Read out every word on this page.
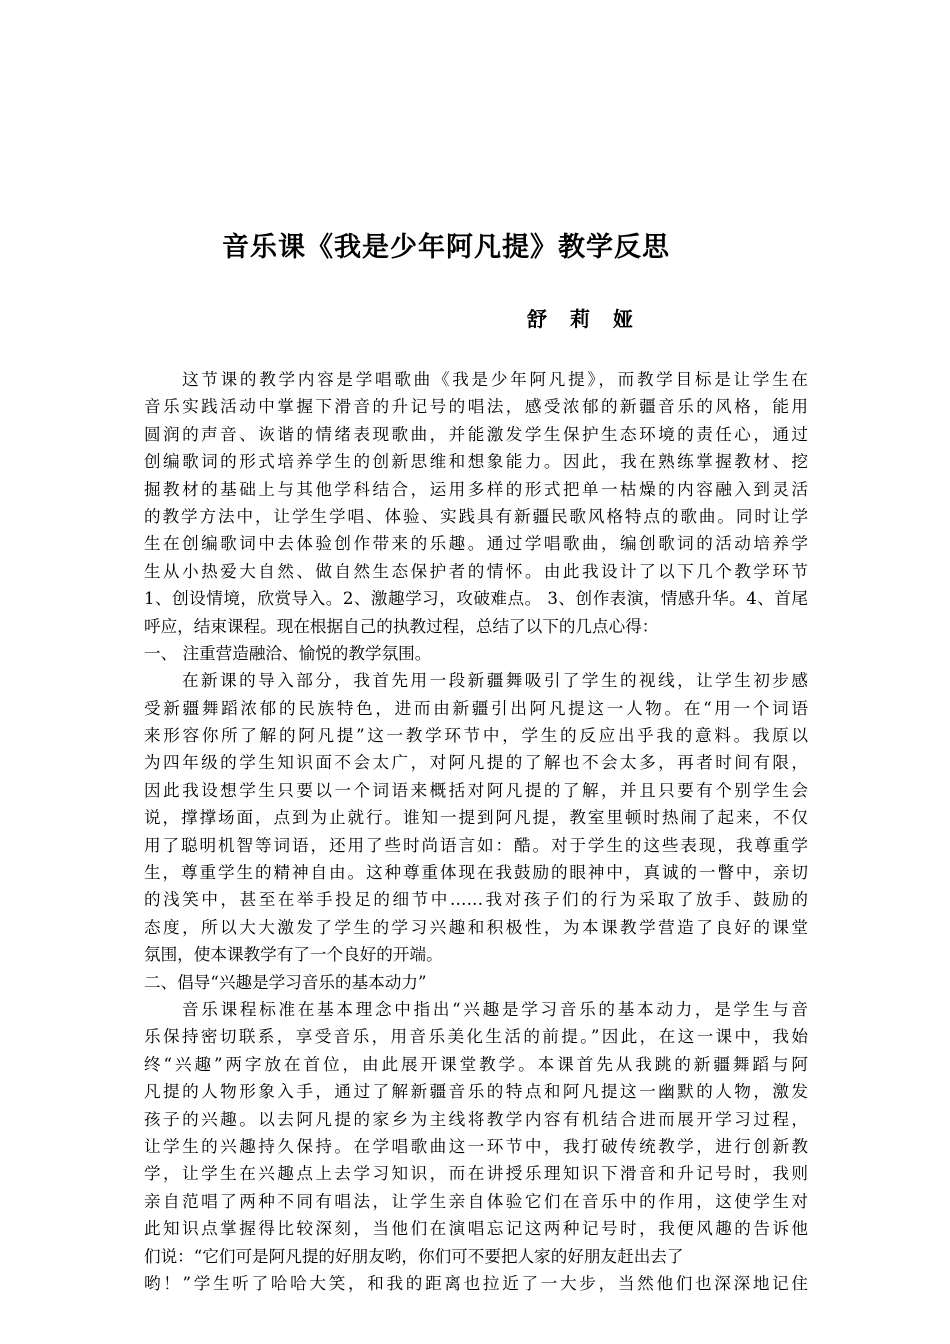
音乐课《我是少年阿凡提》教学反思
舒 莉 娅
这节课的教学内容是学唱歌曲《我是少年阿凡提》，而教学目标是让学生在
音乐实践活动中掌握下滑音的升记号的唱法，感受浓郁的新疆音乐的风格，能用
圆润的声音、诙谐的情绪表现歌曲，并能激发学生保护生态环境的责任心，通过
创编歌词的形式培养学生的创新思维和想象能力。因此，我在熟练掌握教材、挖
掘教材的基础上与其他学科结合，运用多样的形式把单一枯燥的内容融入到灵活
的教学方法中，让学生学唱、体验、实践具有新疆民歌风格特点的歌曲。同时让学
生在创编歌词中去体验创作带来的乐趣。通过学唱歌曲，编创歌词的活动培养学
生从小热爱大自然、做自然生态保护者的情怀。由此我设计了以下几个教学环节
1、创设情境，欣赏导入。2、激趣学习，攻破难点。 3、创作表演，情感升华。4、首尾
呼应，结束课程。现在根据自己的执教过程，总结了以下的几点心得：
一、 注重营造融洽、愉悦的教学氛围。
在新课的导入部分，我首先用一段新疆舞吸引了学生的视线，让学生初步感
受新疆舞蹈浓郁的民族特色，进而由新疆引出阿凡提这一人物。在“用一个词语
来形容你所了解的阿凡提”这一教学环节中，学生的反应出乎我的意料。我原以
为四年级的学生知识面不会太广，对阿凡提的了解也不会太多，再者时间有限，
因此我设想学生只要以一个词语来概括对阿凡提的了解，并且只要有个别学生会
说，撑撑场面，点到为止就行。谁知一提到阿凡提，教室里顿时热闹了起来，不仅
用了聪明机智等词语，还用了些时尚语言如：酷。对于学生的这些表现，我尊重学
生，尊重学生的精神自由。这种尊重体现在我鼓励的眼神中，真诚的一瞥中，亲切
的浅笑中，甚至在举手投足的细节中……我对孩子们的行为采取了放手、鼓励的
态度，所以大大激发了学生的学习兴趣和积极性，为本课教学营造了良好的课堂
氛围，使本课教学有了一个良好的开端。
二、倡导“兴趣是学习音乐的基本动力”
音乐课程标准在基本理念中指出“兴趣是学习音乐的基本动力，是学生与音
乐保持密切联系，享受音乐，用音乐美化生活的前提。”因此，在这一课中，我始
终“兴趣”两字放在首位，由此展开课堂教学。本课首先从我跳的新疆舞蹈与阿
凡提的人物形象入手，通过了解新疆音乐的特点和阿凡提这一幽默的人物，激发
孩子的兴趣。以去阿凡提的家乡为主线将教学内容有机结合进而展开学习过程，
让学生的兴趣持久保持。在学唱歌曲这一环节中，我打破传统教学，进行创新教
学，让学生在兴趣点上去学习知识，而在讲授乐理知识下滑音和升记号时，我则
亲自范唱了两种不同有唱法，让学生亲自体验它们在音乐中的作用，这使学生对
此知识点掌握得比较深刻，当他们在演唱忘记这两种记号时，我便风趣的告诉他
们说：“它们可是阿凡提的好朋友哟，你们可不要把人家的好朋友赶出去了
哟！”学生听了哈哈大笑，和我的距离也拉近了一大步，当然他们也深深地记住
